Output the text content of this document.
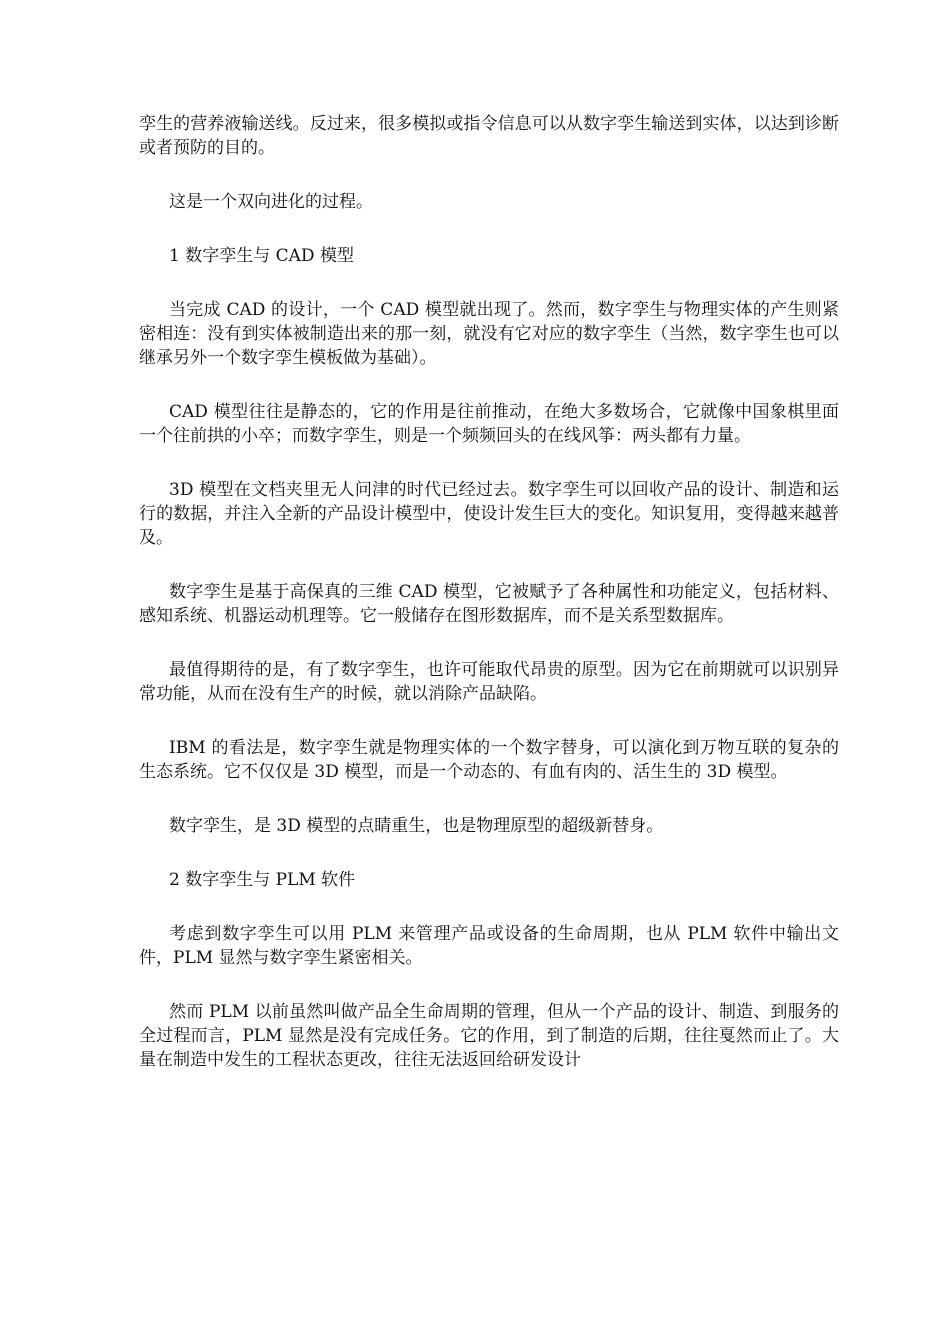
孪生的营养液输送线。反过来，很多模拟或指令信息可以从数字孪生输送到实体，以达到诊断或者预防的目的。

这是一个双向进化的过程。

1 数字孪生与 CAD 模型

当完成 CAD 的设计，一个 CAD 模型就出现了。然而，数字孪生与物理实体的产生则紧密相连：没有到实体被制造出来的那一刻，就没有它对应的数字孪生（当然，数字孪生也可以继承另外一个数字孪生模板做为基础）。

CAD 模型往往是静态的，它的作用是往前推动，在绝大多数场合，它就像中国象棋里面一个往前拱的小卒；而数字孪生，则是一个频频回头的在线风筝：两头都有力量。

3D 模型在文档夹里无人问津的时代已经过去。数字孪生可以回收产品的设计、制造和运行的数据，并注入全新的产品设计模型中，使设计发生巨大的变化。知识复用，变得越来越普及。

数字孪生是基于高保真的三维 CAD 模型，它被赋予了各种属性和功能定义，包括材料、感知系统、机器运动机理等。它一般储存在图形数据库，而不是关系型数据库。

最值得期待的是，有了数字孪生，也许可能取代昂贵的原型。因为它在前期就可以识别异常功能，从而在没有生产的时候，就以消除产品缺陷。

IBM 的看法是，数字孪生就是物理实体的一个数字替身，可以演化到万物互联的复杂的生态系统。它不仅仅是 3D 模型，而是一个动态的、有血有肉的、活生生的 3D 模型。

数字孪生，是 3D 模型的点睛重生，也是物理原型的超级新替身。

2 数字孪生与 PLM 软件

考虑到数字孪生可以用 PLM 来管理产品或设备的生命周期，也从 PLM 软件中输出文件，PLM 显然与数字孪生紧密相关。

然而 PLM 以前虽然叫做产品全生命周期的管理，但从一个产品的设计、制造、到服务的全过程而言，PLM 显然是没有完成任务。它的作用，到了制造的后期，往往戛然而止了。大量在制造中发生的工程状态更改，往往无法返回给研发设计
